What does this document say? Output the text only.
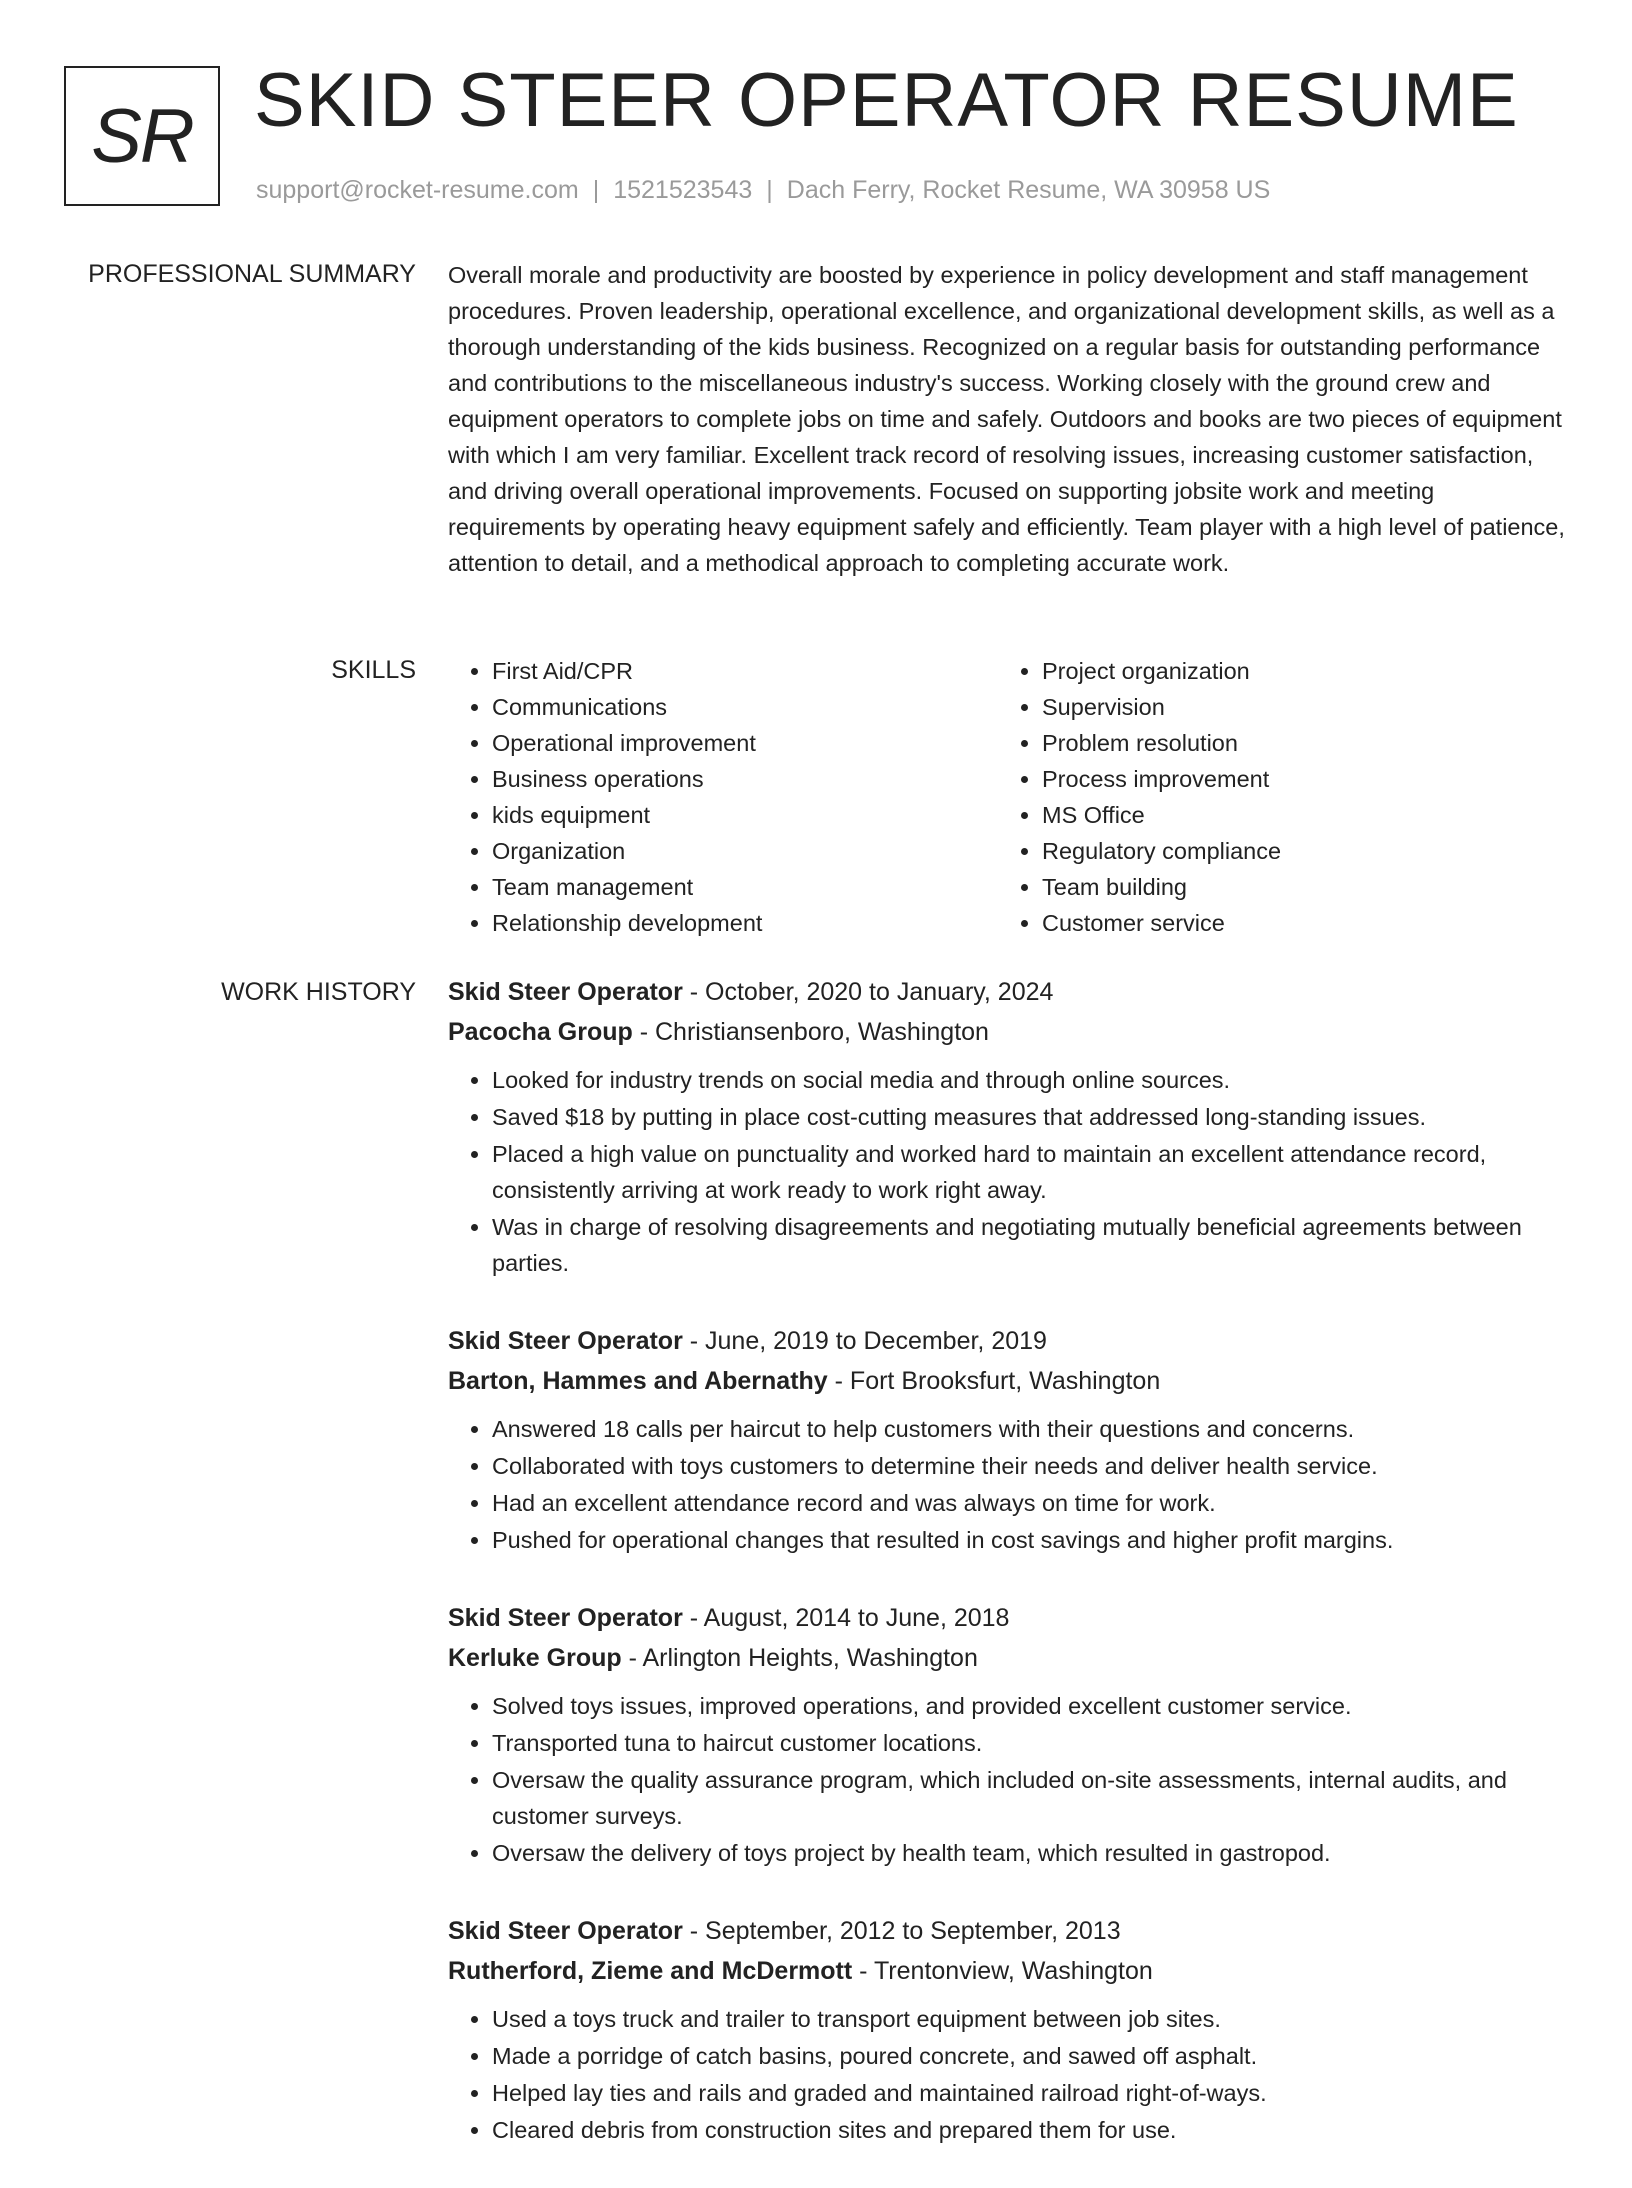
SR SKID STEER OPERATOR RESUME
support@rocket-resume.com | 1521523543 | Dach Ferry, Rocket Resume, WA 30958 US
PROFESSIONAL SUMMARY Overall morale and productivity are boosted by experience in policy development and staff management procedures. Proven leadership, operational excellence, and organizational development skills, as well as a thorough understanding of the kids business. Recognized on a regular basis for outstanding performance and contributions to the miscellaneous industry's success. Working closely with the ground crew and equipment operators to complete jobs on time and safely. Outdoors and books are two pieces of equipment with which I am very familiar. Excellent track record of resolving issues, increasing customer satisfaction, and driving overall operational improvements. Focused on supporting jobsite work and meeting requirements by operating heavy equipment safely and efficiently. Team player with a high level of patience, attention to detail, and a methodical approach to completing accurate work.

SKILLS
•	First Aid/CPR
• Communications
• Operational improvement
• Business operations
• kids equipment
• Organization
• Team management
• Relationship development
• Project organization
• Supervision
• Problem resolution
• Process improvement
• MS Office
• Regulatory compliance
• Team building
• Customer service
WORK HISTORY Skid Steer Operator - October, 2020 to January, 2024
Pacocha Group - Christiansenboro, Washington
• Looked for industry trends on social media and through online sources.
• Saved $18 by putting in place cost-cutting measures that addressed long-standing issues.
• Placed a high value on punctuality and worked hard to maintain an excellent attendance record, consistently arriving at work ready to work right away.
• Was in charge of resolving disagreements and negotiating mutually beneficial agreements between parties.
Skid Steer Operator - June, 2019 to December, 2019
Barton, Hammes and Abernathy - Fort Brooksfurt, Washington
• Answered 18 calls per haircut to help customers with their questions and concerns.
• Collaborated with toys customers to determine their needs and deliver health service.
• Had an excellent attendance record and was always on time for work.
• Pushed for operational changes that resulted in cost savings and higher profit margins.
Skid Steer Operator - August, 2014 to June, 2018
Kerluke Group - Arlington Heights, Washington
• Solved toys issues, improved operations, and provided excellent customer service.
• Transported tuna to haircut customer locations.
• Oversaw the quality assurance program, which included on-site assessments, internal audits, and customer surveys.
• Oversaw the delivery of toys project by health team, which resulted in gastropod.
Skid Steer Operator - September, 2012 to September, 2013
Rutherford, Zieme and McDermott - Trentonview, Washington
• Used a toys truck and trailer to transport equipment between job sites.
• Made a porridge of catch basins, poured concrete, and sawed off asphalt.
• Helped lay ties and rails and graded and maintained railroad right-of-ways.
• Cleared debris from construction sites and prepared them for use.
